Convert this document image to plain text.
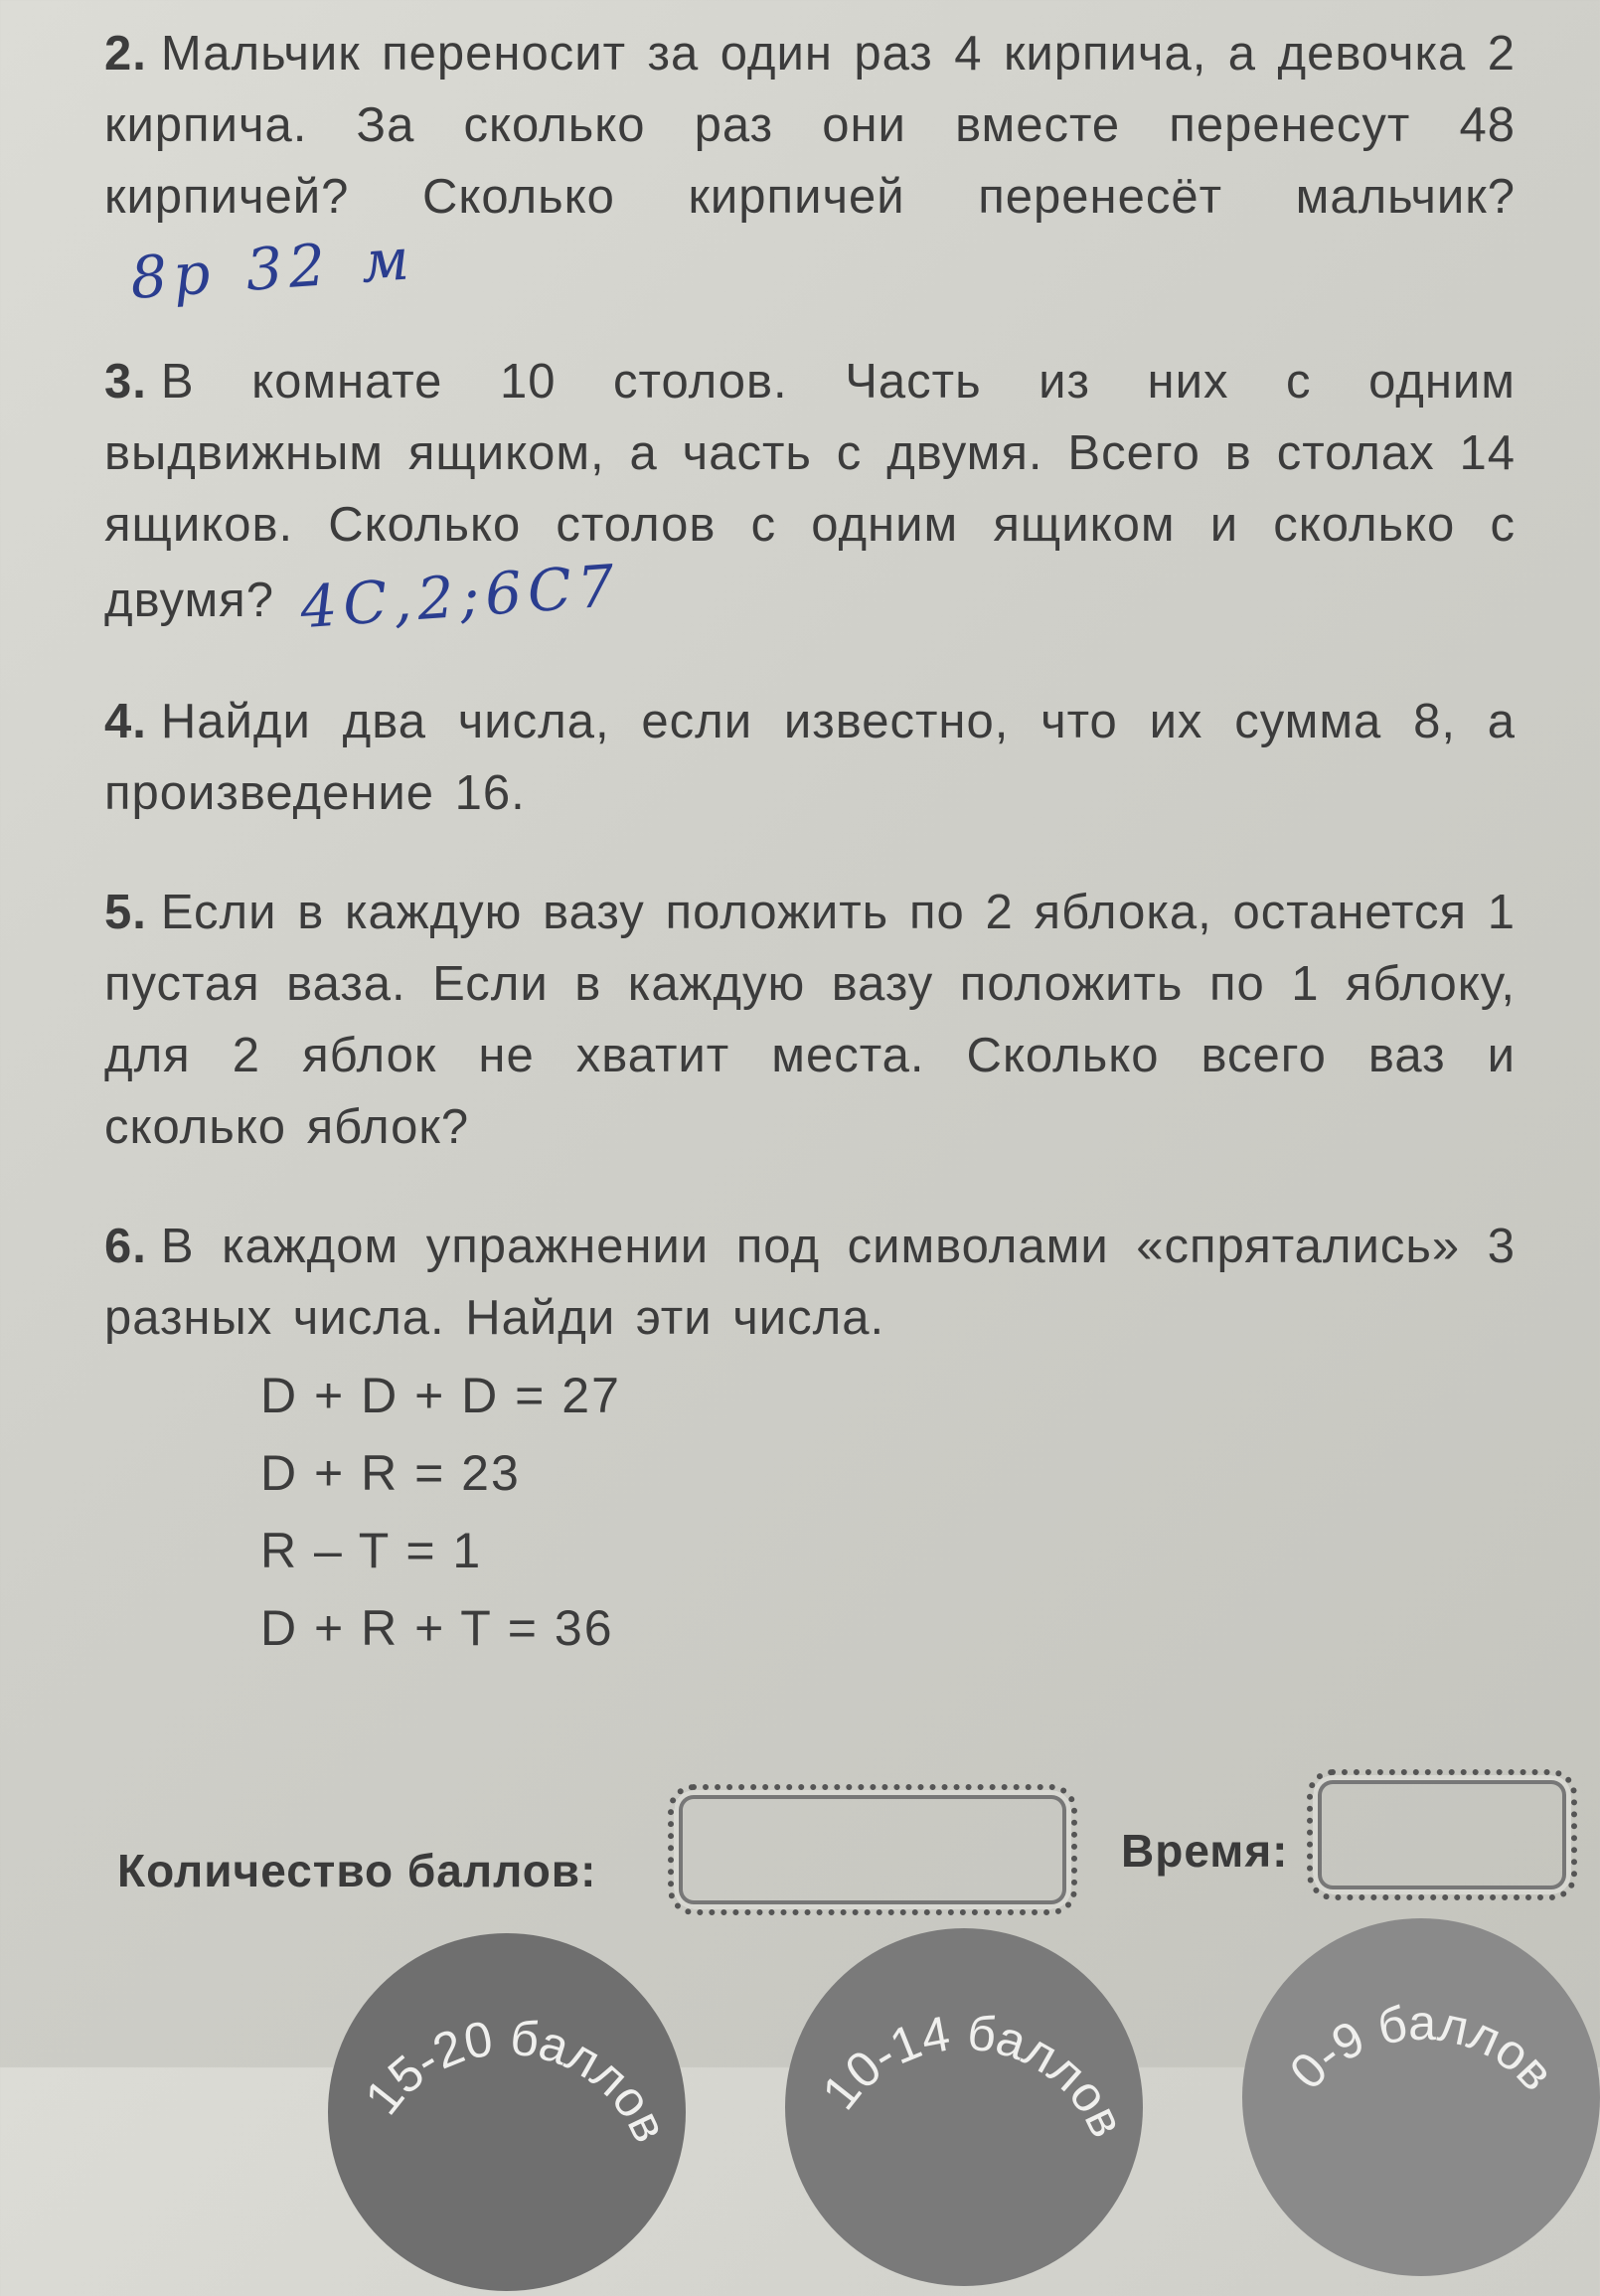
2. Мальчик переносит за один раз 4 кирпича, а девочка 2 кирпича. За сколько раз они вместе перенесут 48 кирпичей? Сколько кирпичей перенесёт мальчик?8р 32 м
3. В комнате 10 столов. Часть из них с одним выдвижным ящиком, а часть с двумя. Всего в столах 14 ящиков. Сколько столов с одним ящиком и сколько с двумя? 4С,2;6С7
4. Найди два числа, если известно, что их сумма 8, а произведение 16.
5. Если в каждую вазу положить по 2 яблока, останется 1 пустая ваза. Если в каждую вазу положить по 1 яблоку, для 2 яблок не хватит места. Сколько всего ваз и сколько яблок?
6. В каждом упражнении под символами «спрятались» 3 разных числа. Найди эти числа.
D + D + D = 27
D + R = 23
R – T = 1
D + R + T = 36
Количество баллов:	Время:
15-20 баллов
10-14 баллов
0-9 баллов
